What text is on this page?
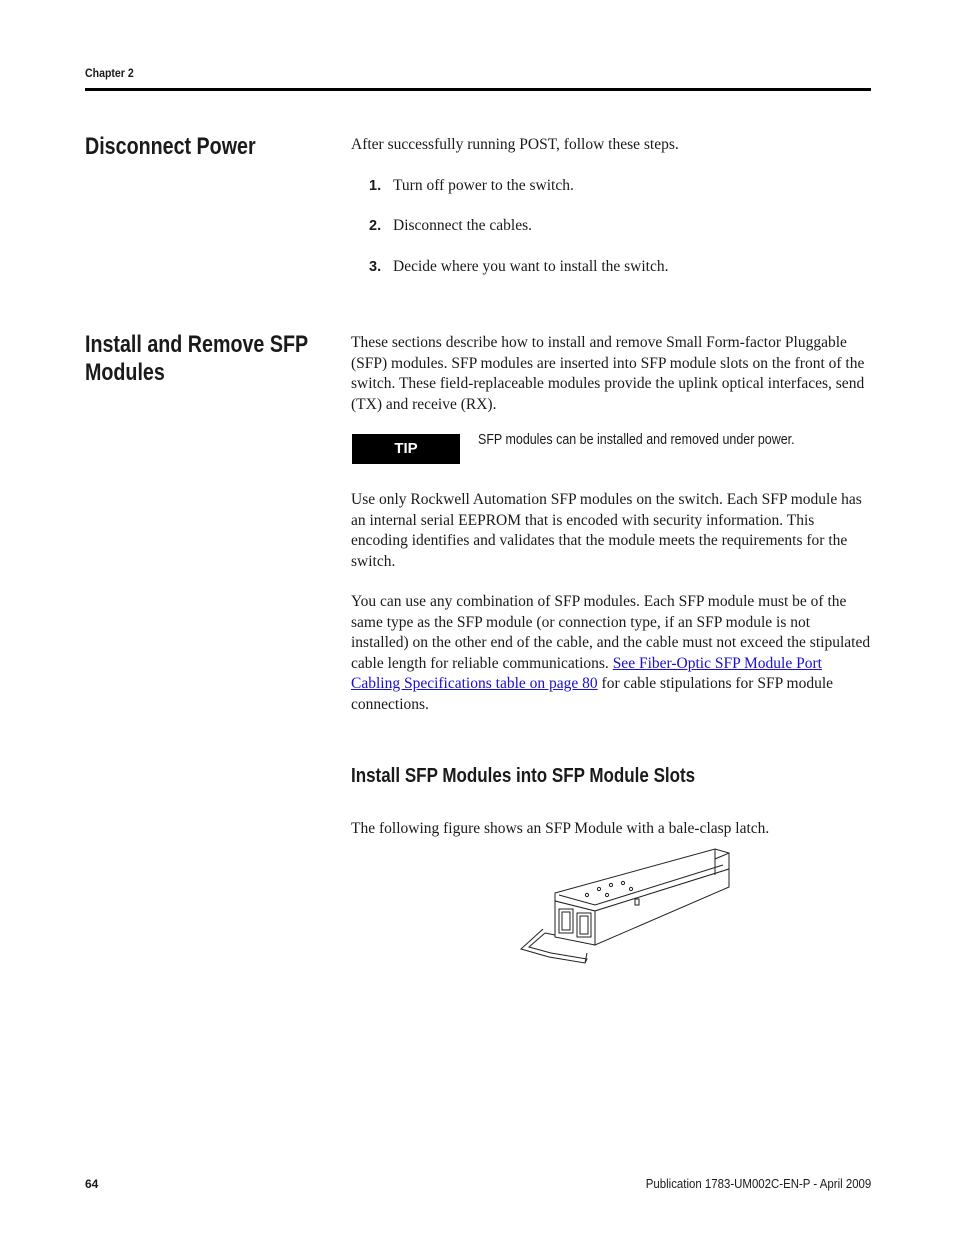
Chapter 2
Disconnect Power	After successfully running POST, follow these steps.
1. Turn off power to the switch.
2. Disconnect the cables.
3. Decide where you want to install the switch.
Install and Remove SFP Modules
These sections describe how to install and remove Small Form-factor Pluggable (SFP) modules. SFP modules are inserted into SFP module slots on the front of the switch. These field-replaceable modules provide the uplink optical interfaces, send (TX) and receive (RX).
TIP	SFP modules can be installed and removed under power.
Use only Rockwell Automation SFP modules on the switch. Each SFP module has an internal serial EEPROM that is encoded with security information. This encoding identifies and validates that the module meets the requirements for the switch.
You can use any combination of SFP modules. Each SFP module must be of the same type as the SFP module (or connection type, if an SFP module is not installed) on the other end of the cable, and the cable must not exceed the stipulated cable length for reliable communications. See Fiber-Optic SFP Module Port Cabling Specifications table on page 80 for cable stipulations for SFP module connections.
Install SFP Modules into SFP Module Slots
The following figure shows an SFP Module with a bale-clasp latch.
64	Publication 1783-UM002C-EN-P - April 2009
